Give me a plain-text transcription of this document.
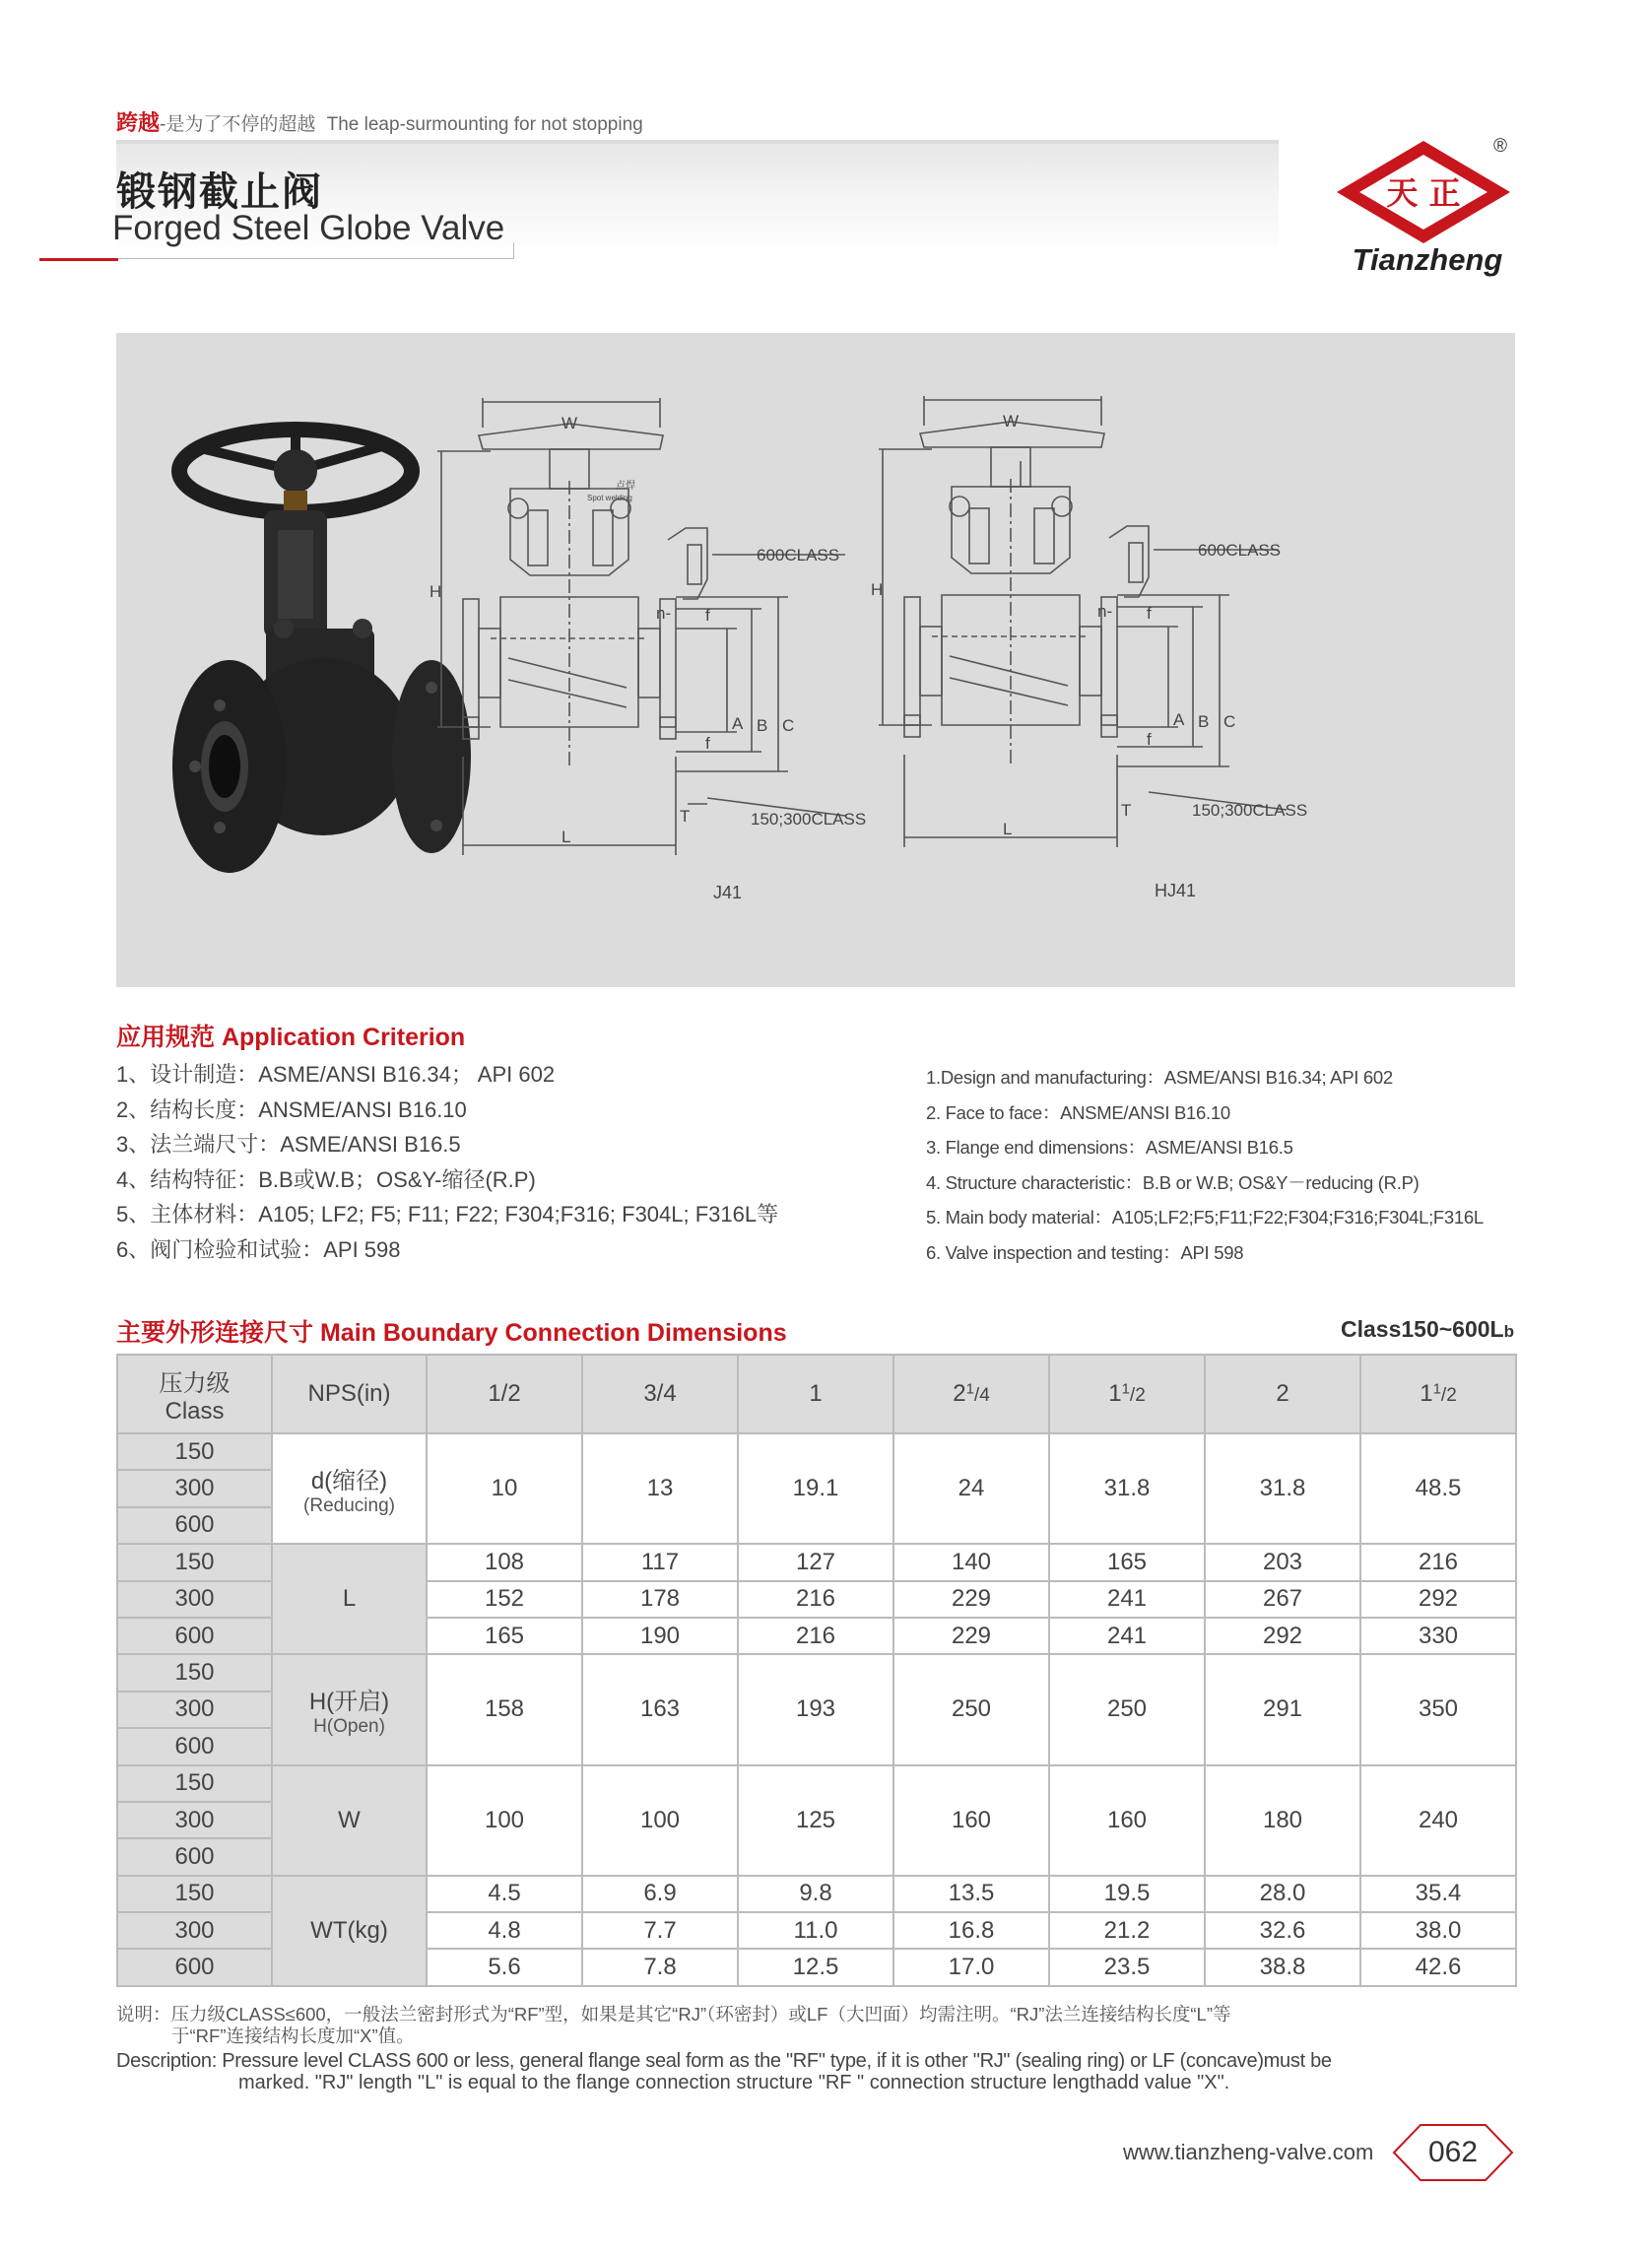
跨越-是为了不停的超越 The leap-surmounting for not stopping
锻钢截止阀
Forged Steel Globe Valve
天 正
®
Tianzheng
W
H
L
A B C
f
f
T
n-
600CLASS
150;300CLASS
点焊
Spot welding
J41
W
H
L
A B C
f
f
T
n-
600CLASS
150;300CLASS
HJ41
应用规范 Application Criterion
1、设计制造：ASME/ANSI B16.34； API 602
2、结构长度：ANSME/ANSI B16.10
3、法兰端尺寸：ASME/ANSI B16.5
4、结构特征：B.B或W.B；OS&Y-缩径(R.P)
5、主体材料：A105; LF2; F5; F11; F22; F304;F316; F304L; F316L等
6、阀门检验和试验：API 598
1.Design and manufacturing：ASME/ANSI B16.34; API 602
2. Face to face：ANSME/ANSI B16.10
3. Flange end dimensions：ASME/ANSI B16.5
4. Structure characteristic：B.B or W.B; OS&Y－reducing (R.P)
5. Main body material：A105;LF2;F5;F11;F22;F304;F316;F304L;F316L
6. Valve inspection and testing：API 598
主要外形连接尺寸 Main Boundary Connection Dimensions	Class150~600Lb
压力级
Class	NPS(in)	1/2	3/4	1	$2^1/4$	$1^1/2$	2	$1^1/2$
150	d(缩径)
(Reducing)	10	13	19.1	24	31.8	31.8	48.5
300								
600								
150	L	108	117	127	140	165	203	216
300		152	178	216	229	241	267	292
600		165	190	216	229	241	292	330
150	H(开启)
H(Open)	158	163	193	250	250	291	350
300								
600								
150	W	100	100	125	160	160	180	240
300								
600								
150	WT(kg)	4.5	6.9	9.8	13.5	19.5	28.0	35.4
300		4.8	7.7	11.0	16.8	21.2	32.6	38.0
600		5.6	7.8	12.5	17.0	23.5	38.8	42.6
说明：压力级CLASS≤600，一般法兰密封形式为“RF”型，如果是其它“RJ”（环密封）或LF（大凹面）均需注明。“RJ”法兰连接结构长度“L”等
于“RF”连接结构长度加“X”值。
Description: Pressure level CLASS 600 or less, general flange seal form as the "RF" type, if it is other "RJ" (sealing ring) or LF (concave)must be
marked. "RJ" length "L" is equal to the flange connection structure "RF " connection structure lengthadd value "X".
www.tianzheng-valve.com	062
